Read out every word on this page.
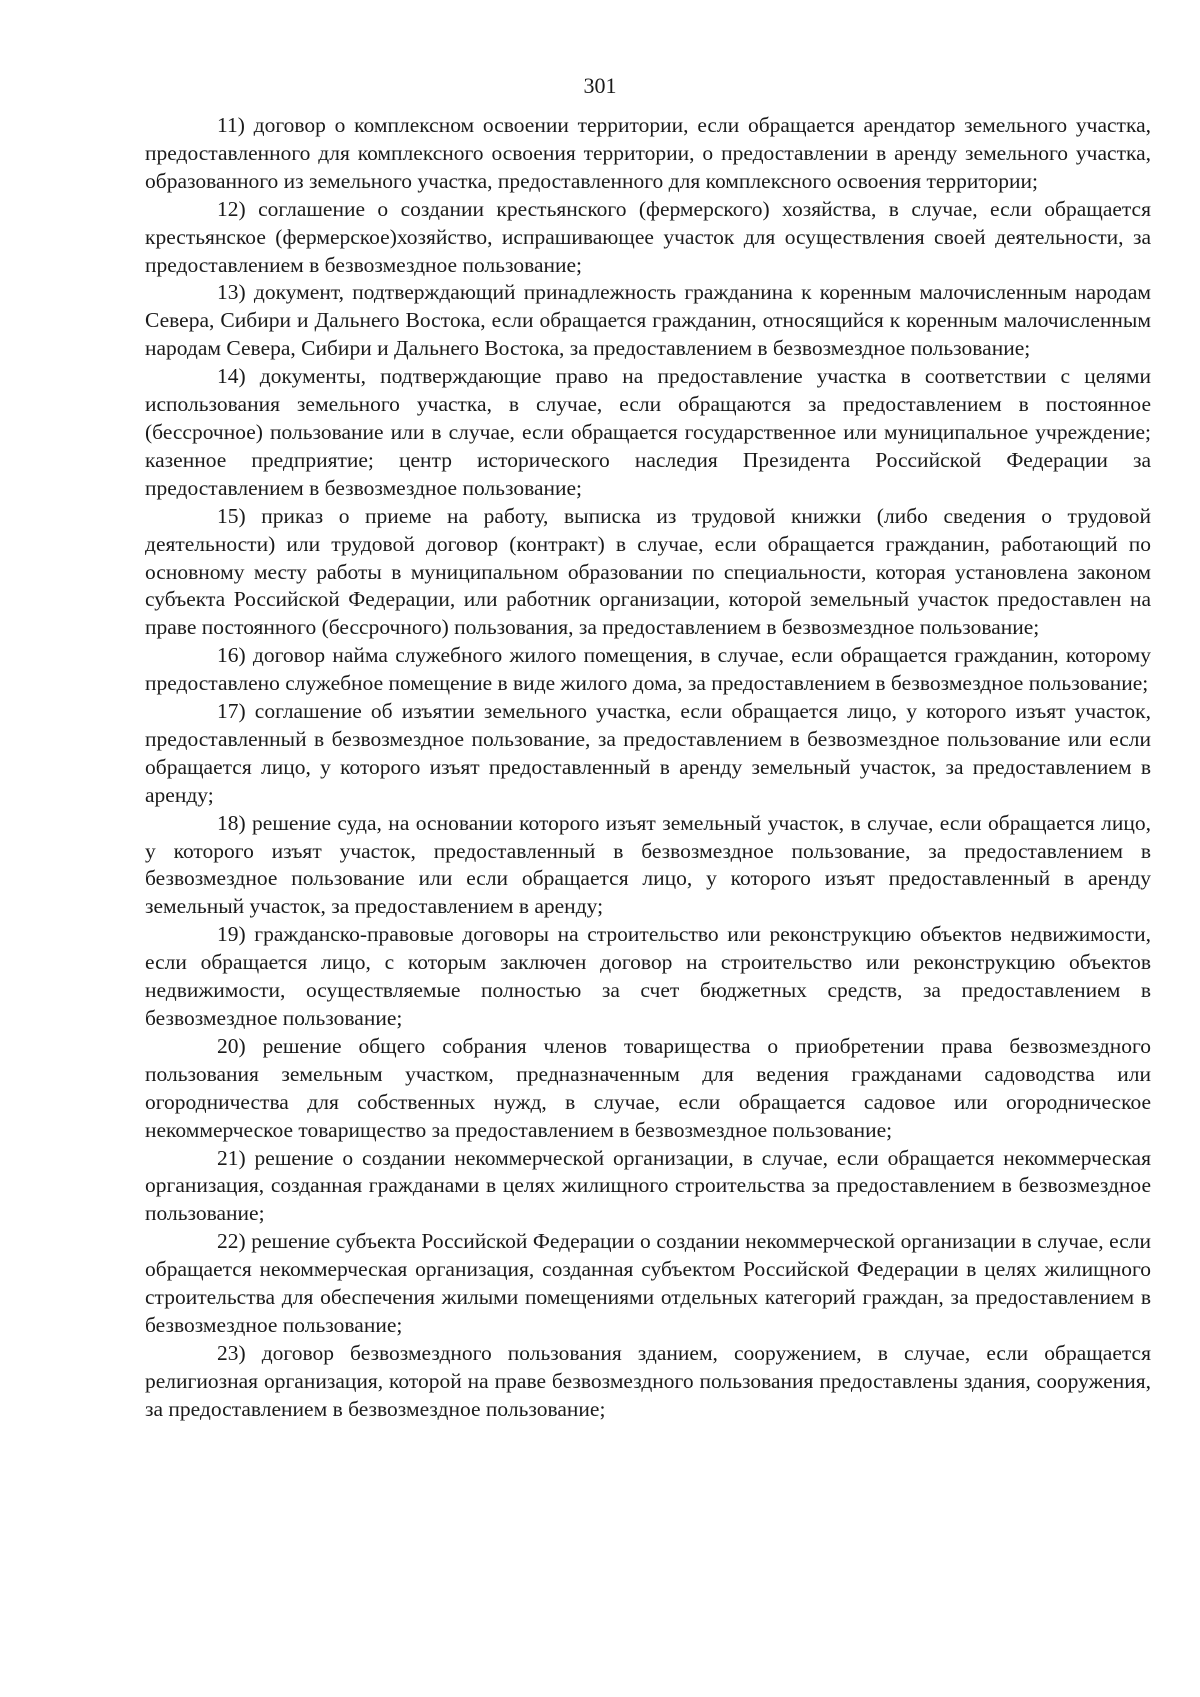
301

11) договор о комплексном освоении территории, если обращается арендатор земельного участка, предоставленного для комплексного освоения территории, о предоставлении в аренду земельного участка, образованного из земельного участка, предоставленного для комплексного освоения территории;

12) соглашение о создании крестьянского (фермерского) хозяйства, в случае, если обращается крестьянское (фермерское)хозяйство, испрашивающее участок для осуществления своей деятельности, за предоставлением в безвозмездное пользование;

13) документ, подтверждающий принадлежность гражданина к коренным малочисленным народам Севера, Сибири и Дальнего Востока, если обращается гражданин, относящийся к коренным малочисленным народам Севера, Сибири и Дальнего Востока, за предоставлением в безвозмездное пользование;

14) документы, подтверждающие право на предоставление участка в соответствии с целями использования земельного участка, в случае, если обращаются за предоставлением в постоянное (бессрочное) пользование или в случае, если обращается государственное или муниципальное учреждение; казенное предприятие; центр исторического наследия Президента Российской Федерации за предоставлением в безвозмездное пользование;

15) приказ о приеме на работу, выписка из трудовой книжки (либо сведения о трудовой деятельности) или трудовой договор (контракт) в случае, если обращается гражданин, работающий по основному месту работы в муниципальном образовании по специальности, которая установлена законом субъекта Российской Федерации, или работник организации, которой земельный участок предоставлен на праве постоянного (бессрочного) пользования, за предоставлением в безвозмездное пользование;

16) договор найма служебного жилого помещения, в случае, если обращается гражданин, которому предоставлено служебное помещение в виде жилого дома, за предоставлением в безвозмездное пользование;

17) соглашение об изъятии земельного участка, если обращается лицо, у которого изъят участок, предоставленный в безвозмездное пользование, за предоставлением в безвозмездное пользование или если обращается лицо, у которого изъят предоставленный в аренду земельный участок, за предоставлением в аренду;

18) решение суда, на основании которого изъят земельный участок, в случае, если обращается лицо, у которого изъят участок, предоставленный в безвозмездное пользование, за предоставлением в безвозмездное пользование или если обращается лицо, у которого изъят предоставленный в аренду земельный участок, за предоставлением в аренду;

19) гражданско-правовые договоры на строительство или реконструкцию объектов недвижимости, если обращается лицо, с которым заключен договор на строительство или реконструкцию объектов недвижимости, осуществляемые полностью за счет бюджетных средств, за предоставлением в безвозмездное пользование;

20) решение общего собрания членов товарищества о приобретении права безвозмездного пользования земельным участком, предназначенным для ведения гражданами садоводства или огородничества для собственных нужд, в случае, если обращается садовое или огородническое некоммерческое товарищество за предоставлением в безвозмездное пользование;

21) решение о создании некоммерческой организации, в случае, если обращается некоммерческая организация, созданная гражданами в целях жилищного строительства за предоставлением в безвозмездное пользование;

22) решение субъекта Российской Федерации о создании некоммерческой организации в случае, если обращается некоммерческая организация, созданная субъектом Российской Федерации в целях жилищного строительства для обеспечения жилыми помещениями отдельных категорий граждан, за предоставлением в безвозмездное пользование;

23) договор безвозмездного пользования зданием, сооружением, в случае, если обращается религиозная организация, которой на праве безвозмездного пользования предоставлены здания, сооружения, за предоставлением в безвозмездное пользование;
